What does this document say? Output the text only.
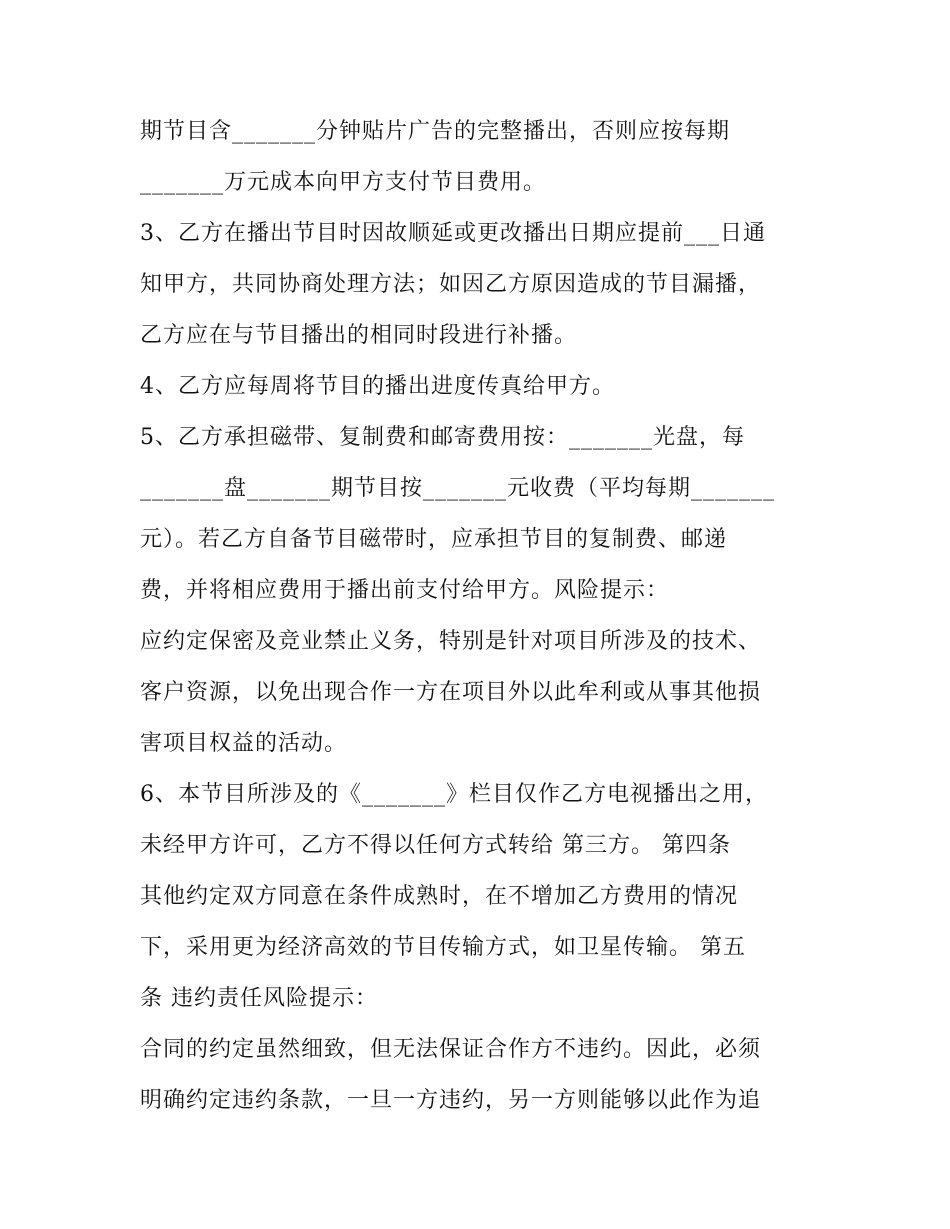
期节目含_______分钟贴片广告的完整播出，否则应按每期
_______万元成本向甲方支付节目费用。
3、乙方在播出节目时因故顺延或更改播出日期应提前___日通
知甲方，共同协商处理方法；如因乙方原因造成的节目漏播，
乙方应在与节目播出的相同时段进行补播。
4、乙方应每周将节目的播出进度传真给甲方。
5、乙方承担磁带、复制费和邮寄费用按：_______光盘，每
_______盘_______期节目按_______元收费（平均每期_______
元）。若乙方自备节目磁带时，应承担节目的复制费、邮递
费，并将相应费用于播出前支付给甲方。风险提示：
应约定保密及竞业禁止义务，特别是针对项目所涉及的技术、
客户资源，以免出现合作一方在项目外以此牟利或从事其他损
害项目权益的活动。
6、本节目所涉及的《_______》栏目仅作乙方电视播出之用，
未经甲方许可，乙方不得以任何方式转给 第三方。 第四条
其他约定双方同意在条件成熟时，在不增加乙方费用的情况
下，采用更为经济高效的节目传输方式，如卫星传输。 第五
条 违约责任风险提示：
合同的约定虽然细致，但无法保证合作方不违约。因此，必须
明确约定违约条款，一旦一方违约，另一方则能够以此作为追
